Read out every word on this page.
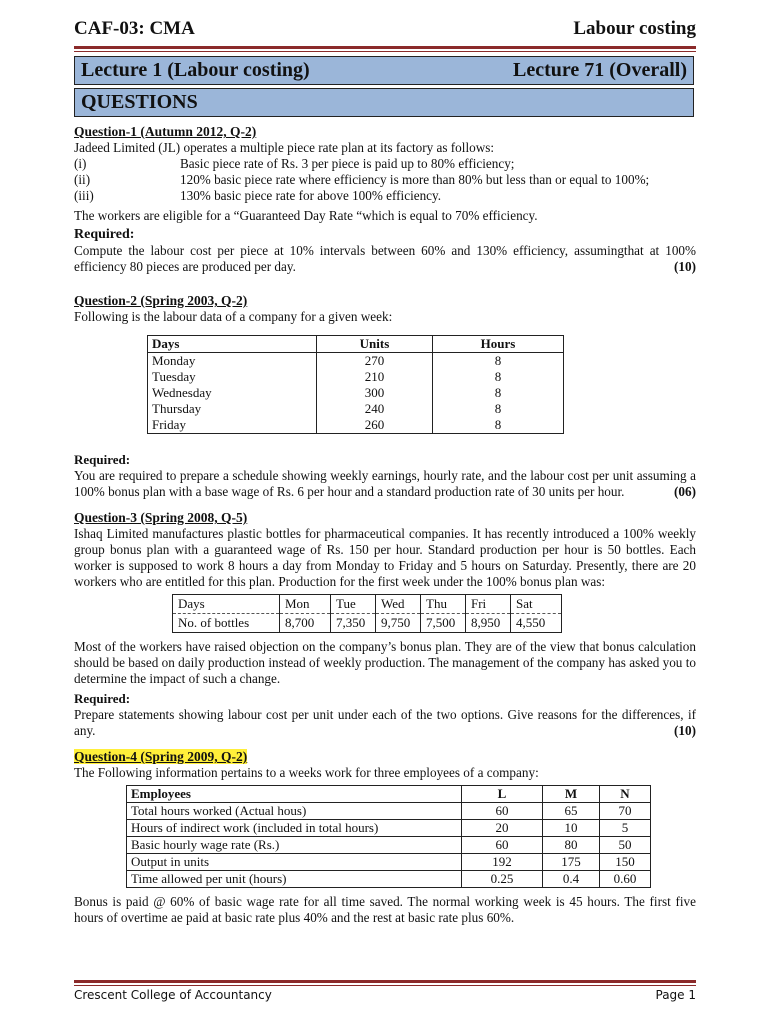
CAF-03: CMA	Labour costing
Lecture 1 (Labour costing)	Lecture 71 (Overall)
QUESTIONS
Question-1 (Autumn 2012, Q-2)

Jadeed Limited (JL) operates a multiple piece rate plan at its factory as follows:

(i)	Basic piece rate of Rs. 3 per piece is paid up to 80% efficiency;
(ii)	120% basic piece rate where efficiency is more than 80% but less than or equal to 100%;
(iii)	130% basic piece rate for above 100% efficiency.

The workers are eligible for a “Guaranteed Day Rate “which is equal to 70% efficiency.

Required:

Compute the labour cost per piece at 10% intervals between 60% and 130% efficiency, assumingthat at 100% efficiency 80 pieces are produced per day.	(10)

Question-2 (Spring 2003, Q-2)

Following is the labour data of a company for a given week:

Days	Units	Hours
Monday	270	8
Tuesday	210	8
Wednesday	300	8
Thursday	240	8
Friday	260	8
Required:

You are required to prepare a schedule showing weekly earnings, hourly rate, and the labour cost per unit assuming a 100% bonus plan with a base wage of Rs. 6 per hour and a standard production rate of 30 units per hour.	(06)

Question-3 (Spring 2008, Q-5)

Ishaq Limited manufactures plastic bottles for pharmaceutical companies. It has recently introduced a 100% weekly group bonus plan with a guaranteed wage of Rs. 150 per hour. Standard production per hour is 50 bottles. Each worker is supposed to work 8 hours a day from Monday to Friday and 5 hours on Saturday. Presently, there are 20 workers who are entitled for this plan. Production for the first week under the 100% bonus plan was:

Days	Mon	Tue	Wed	Thu	Fri	Sat
No. of bottles	8,700	7,350	9,750	7,500	8,950	4,550

Most of the workers have raised objection on the company’s bonus plan. They are of the view that bonus calculation should be based on daily production instead of weekly production. The management of the company has asked you to determine the impact of such a change.

Required:

Prepare statements showing labour cost per unit under each of the two options. Give reasons for the differences, if any.	(10)

Question-4 (Spring 2009, Q-2)

The Following information pertains to a weeks work for three employees of a company:

Employees	L	M	N
Total hours worked (Actual hous)	60	65	70
Hours of indirect work (included in total hours)	20	10	5
Basic hourly wage rate (Rs.)	60	80	50
Output in units	192	175	150
Time allowed per unit (hours)	0.25	0.4	0.60

Bonus is paid @ 60% of basic wage rate for all time saved. The normal working week is 45 hours. The first five hours of overtime ae paid at basic rate plus 40% and the rest at basic rate plus 60%.

Crescent College of Accountancy	Page 1
